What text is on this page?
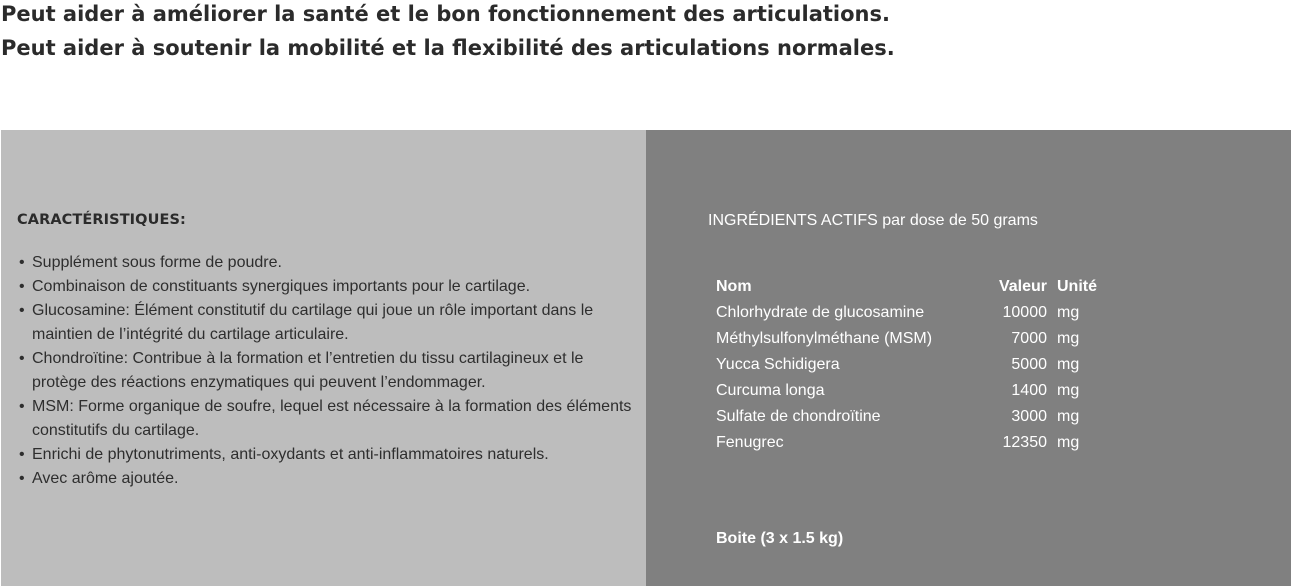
Peut aider à améliorer la santé et le bon fonctionnement des articulations.
Peut aider à soutenir la mobilité et la flexibilité des articulations normales.
CARACTÉRISTIQUES:
• Supplément sous forme de poudre.
• Combinaison de constituants synergiques importants pour le cartilage.
• Glucosamine: Élément constitutif du cartilage qui joue un rôle important dans le maintien de l’intégrité du cartilage articulaire.
• Chondroïtine: Contribue à la formation et l’entretien du tissu cartilagineux et le protège des réactions enzymatiques qui peuvent l’endommager.
• MSM: Forme organique de soufre, lequel est nécessaire à la formation des éléments constitutifs du cartilage.
• Enrichi de phytonutriments, anti-oxydants et anti-inflammatoires naturels.
• Avec arôme ajoutée.
INGRÉDIENTS ACTIFS par dose de 50 grams
Nom	Valeur	Unité
Chlorhydrate de glucosamine	10000	mg
Méthylsulfonylméthane (MSM)	7000	mg
Yucca Schidigera	5000	mg
Curcuma longa	1400	mg
Sulfate de chondroïtine	3000	mg
Fenugrec	12350	mg
Boite (3 x 1.5 kg)
